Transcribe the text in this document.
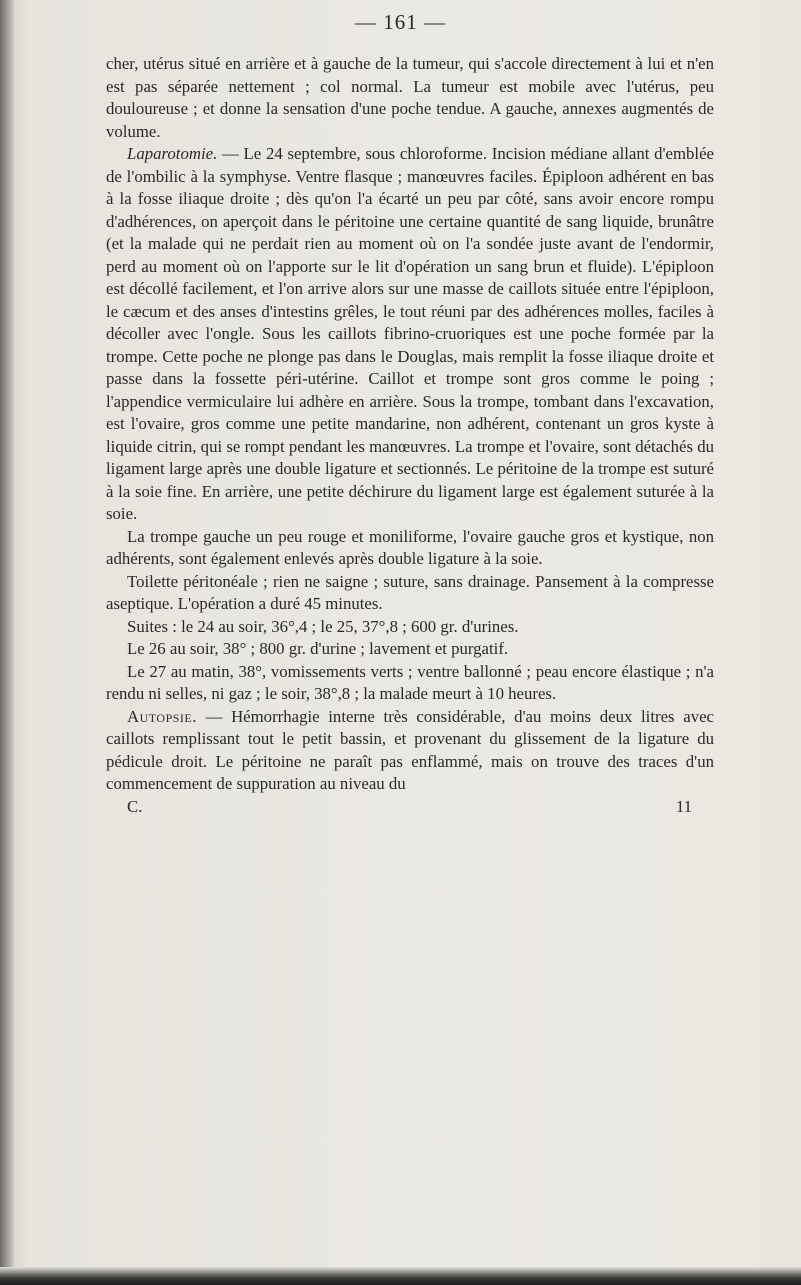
— 161 —

cher, utérus situé en arrière et à gauche de la tumeur, qui s'accole directement à lui et n'en est pas séparée nettement ; col normal. La tumeur est mobile avec l'utérus, peu douloureuse ; et donne la sensation d'une poche tendue. A gauche, annexes augmentés de volume.

Laparotomie. — Le 24 septembre, sous chloroforme. Incision médiane allant d'emblée de l'ombilic à la symphyse. Ventre flasque ; manœuvres faciles. Épiploon adhérent en bas à la fosse iliaque droite ; dès qu'on l'a écarté un peu par côté, sans avoir encore rompu d'adhérences, on aperçoit dans le péritoine une certaine quantité de sang liquide, brunâtre (et la malade qui ne perdait rien au moment où on l'a sondée juste avant de l'endormir, perd au moment où on l'apporte sur le lit d'opération un sang brun et fluide). L'épiploon est décollé facilement, et l'on arrive alors sur une masse de caillots située entre l'épiploon, le cæcum et des anses d'intestins grêles, le tout réuni par des adhérences molles, faciles à décoller avec l'ongle. Sous les caillots fibrino-cruoriques est une poche formée par la trompe. Cette poche ne plonge pas dans le Douglas, mais remplit la fosse iliaque droite et passe dans la fossette péri-utérine. Caillot et trompe sont gros comme le poing ; l'appendice vermiculaire lui adhère en arrière. Sous la trompe, tombant dans l'excavation, est l'ovaire, gros comme une petite mandarine, non adhérent, contenant un gros kyste à liquide citrin, qui se rompt pendant les manœuvres. La trompe et l'ovaire, sont détachés du ligament large après une double ligature et sectionnés. Le péritoine de la trompe est suturé à la soie fine. En arrière, une petite déchirure du ligament large est également suturée à la soie.

La trompe gauche un peu rouge et moniliforme, l'ovaire gauche gros et kystique, non adhérents, sont également enlevés après double ligature à la soie.

Toilette péritonéale ; rien ne saigne ; suture, sans drainage. Pansement à la compresse aseptique. L'opération a duré 45 minutes.

Suites : le 24 au soir, 36°,4 ; le 25, 37°,8 ; 600 gr. d'urines.

Le 26 au soir, 38° ; 800 gr. d'urine ; lavement et purgatif.

Le 27 au matin, 38°, vomissements verts ; ventre ballonné ; peau encore élastique ; n'a rendu ni selles, ni gaz ; le soir, 38°,8 ; la malade meurt à 10 heures.

Autopsie. — Hémorrhagie interne très considérable, d'au moins deux litres avec caillots remplissant tout le petit bassin, et provenant du glissement de la ligature du pédicule droit. Le péritoine ne paraît pas enflammé, mais on trouve des traces d'un commencement de suppuration au niveau du

C.	11
